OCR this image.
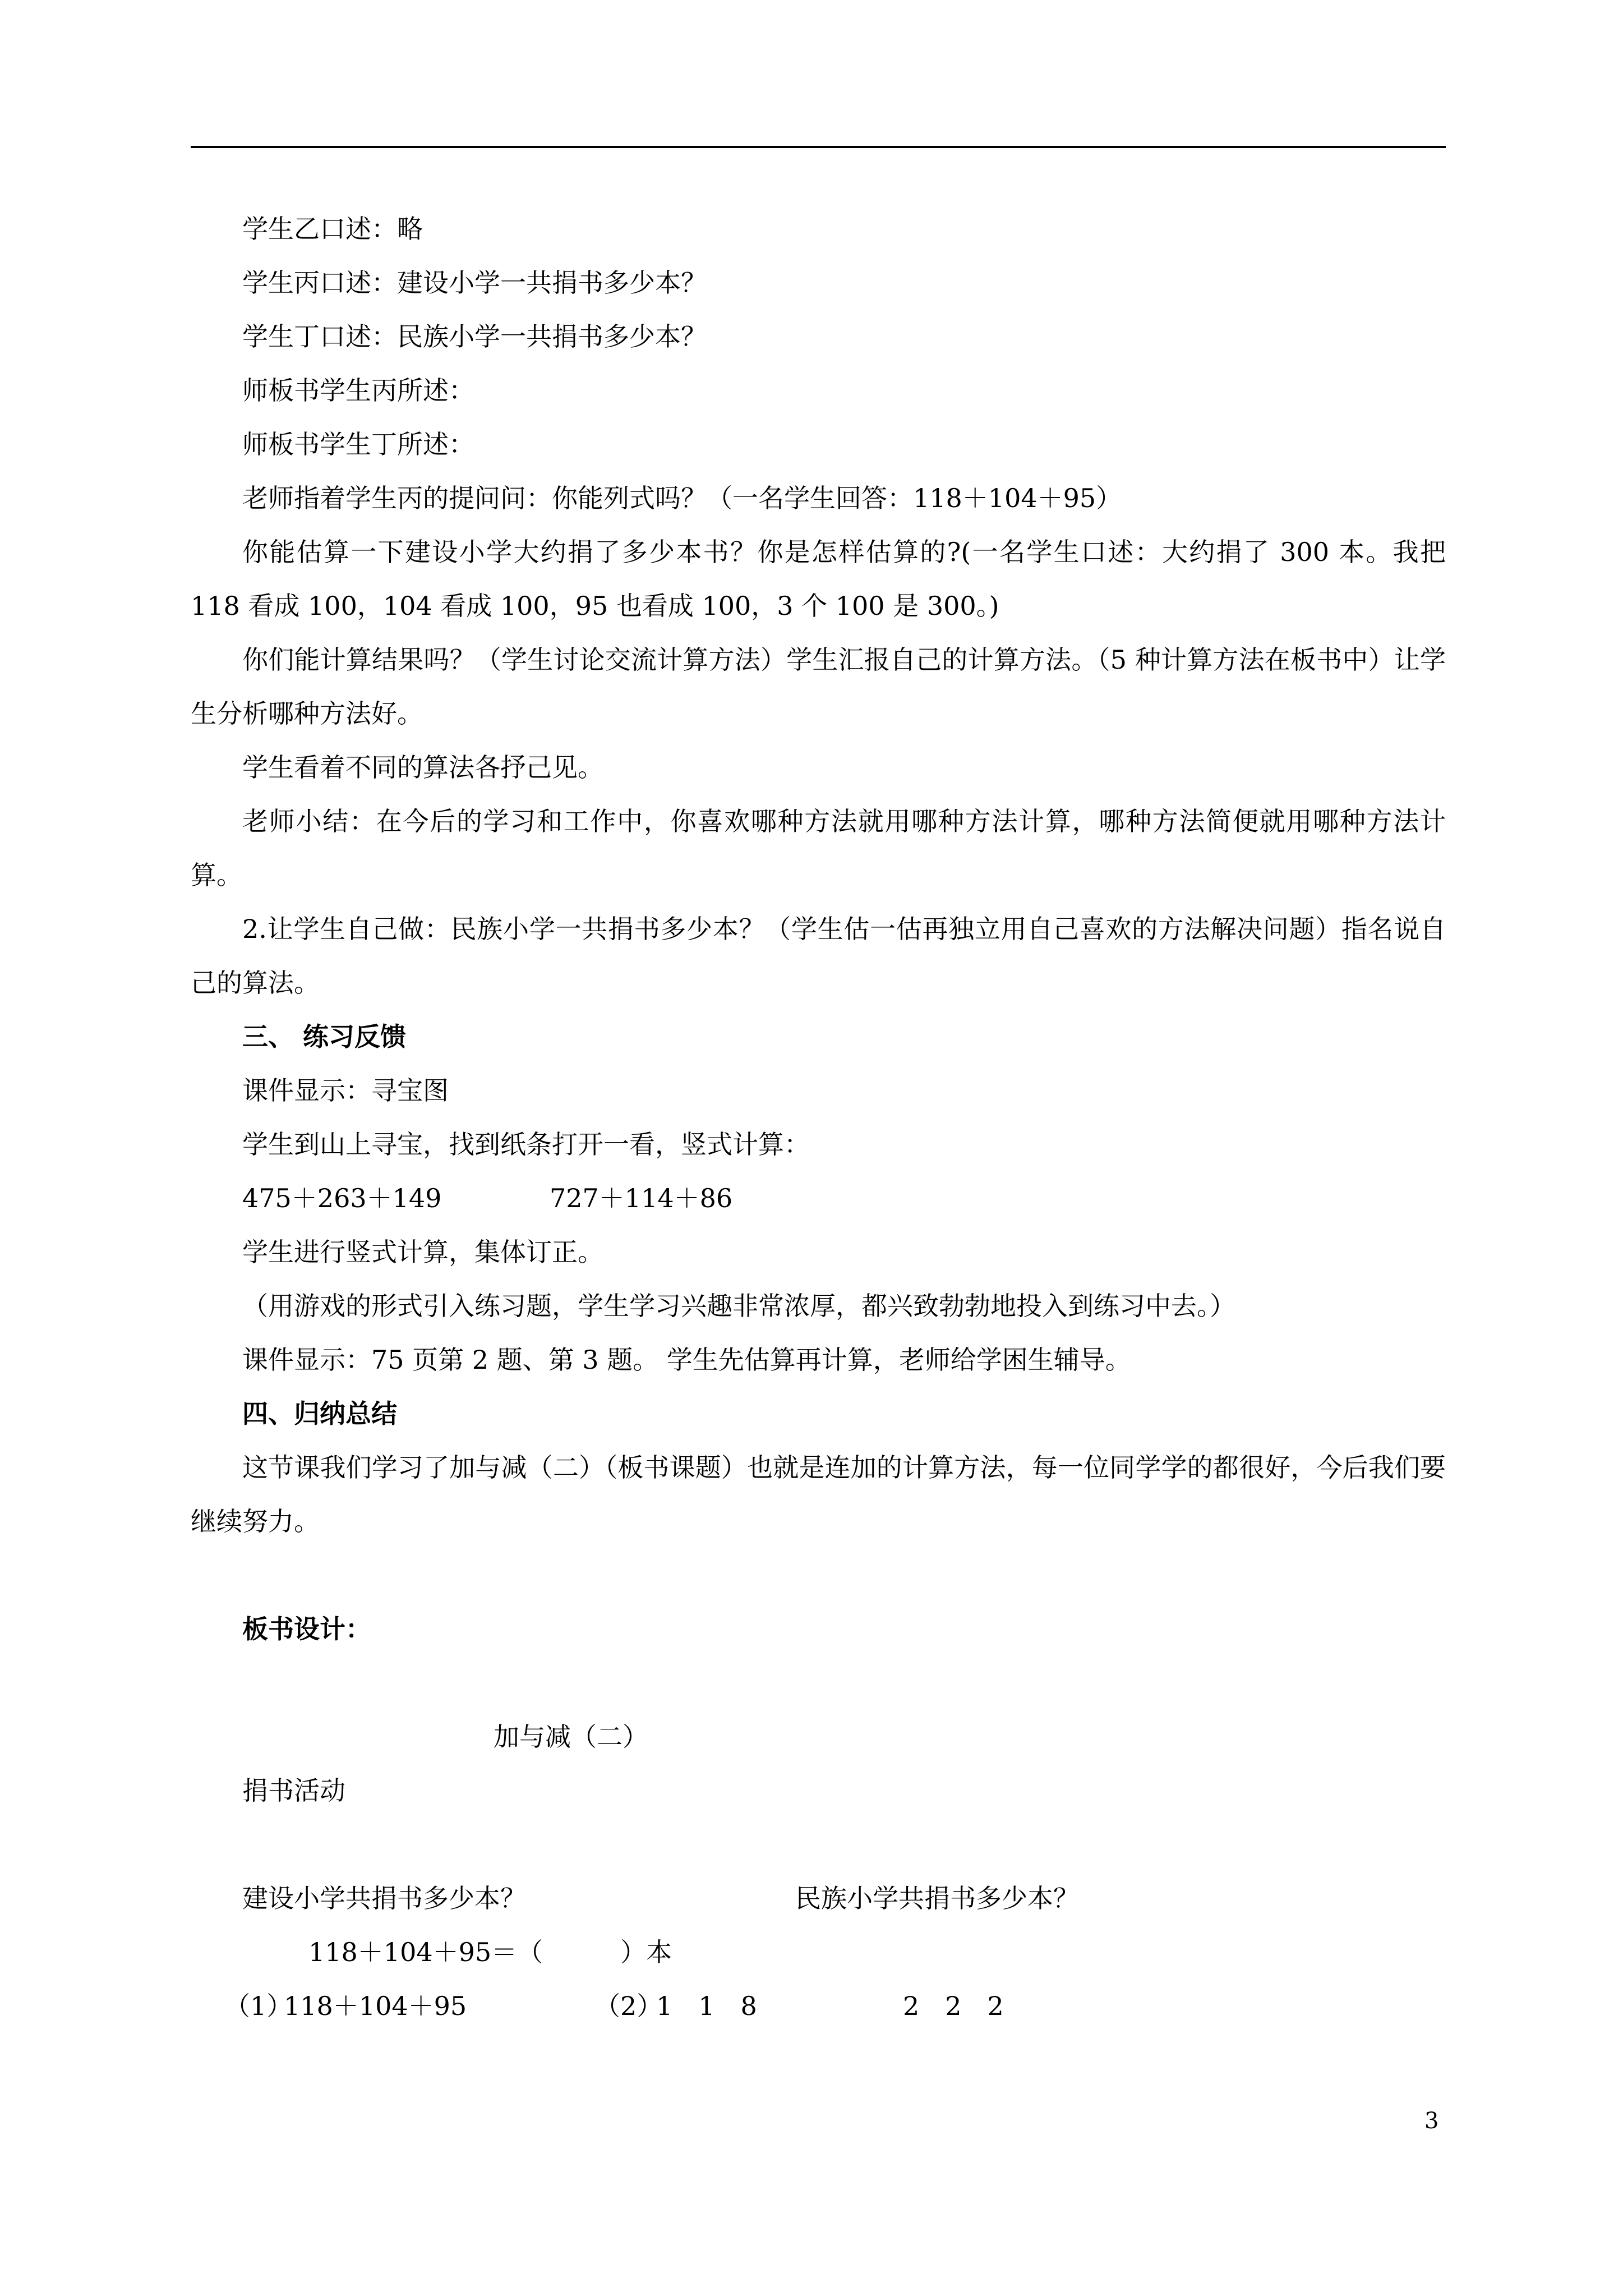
学生乙口述：略

学生丙口述：建设小学一共捐书多少本？

学生丁口述：民族小学一共捐书多少本？

师板书学生丙所述：

师板书学生丁所述：

老师指着学生丙的提问问：你能列式吗？（一名学生回答：118＋104＋95）

你能估算一下建设小学大约捐了多少本书？你是怎样估算的?(一名学生口述：大约捐了 300 本。我把 118 看成 100，104 看成 100，95 也看成 100，3 个 100 是 300。)

你们能计算结果吗？（学生讨论交流计算方法）学生汇报自己的计算方法。（5 种计算方法在板书中）让学生分析哪种方法好。

学生看着不同的算法各抒己见。

老师小结：在今后的学习和工作中，你喜欢哪种方法就用哪种方法计算，哪种方法简便就用哪种方法计算。

2.让学生自己做：民族小学一共捐书多少本？（学生估一估再独立用自己喜欢的方法解决问题）指名说自己的算法。

三、 练习反馈

课件显示：寻宝图

学生到山上寻宝，找到纸条打开一看，竖式计算：

475＋263＋149	727＋114＋86

学生进行竖式计算，集体订正。

（用游戏的形式引入练习题，学生学习兴趣非常浓厚，都兴致勃勃地投入到练习中去。）

课件显示：75 页第 2 题、第 3 题。 学生先估算再计算，老师给学困生辅导。

四、归纳总结

这节课我们学习了加与减（二）（板书课题）也就是连加的计算方法，每一位同学学的都很好，今后我们要继续努力。

板书设计：

加与减（二）

捐书活动

建设小学共捐书多少本？	民族小学共捐书多少本？
118＋104＋95＝（　　　）本
（1）
118＋104＋95	（2）
1　1　8	2　2　2
3
